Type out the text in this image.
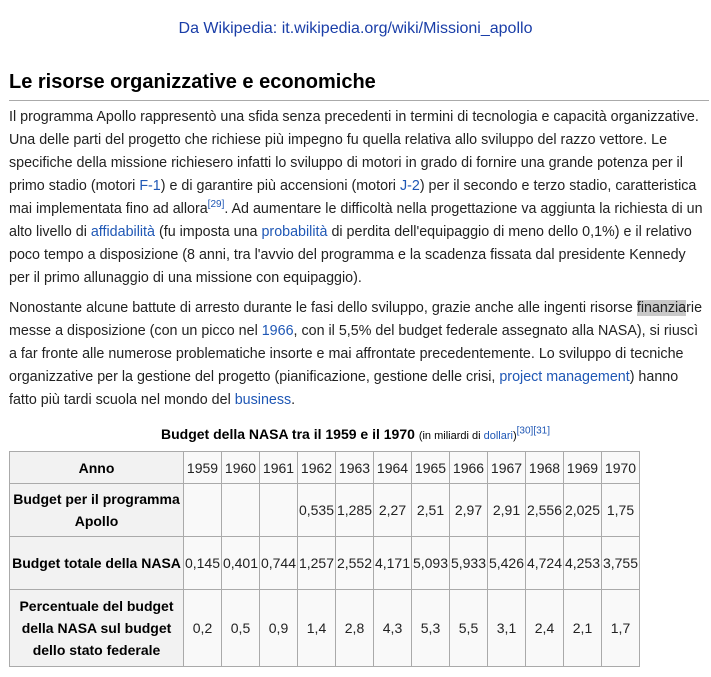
Da Wikipedia: it.wikipedia.org/wiki/Missioni_apollo
Le risorse organizzative e economiche

Il programma Apollo rappresentò una sfida senza precedenti in termini di tecnologia e capacità organizzative. Una delle parti del progetto che richiese più impegno fu quella relativa allo sviluppo del razzo vettore. Le specifiche della missione richiesero infatti lo sviluppo di motori in grado di fornire una grande potenza per il primo stadio (motori F-1) e di garantire più accensioni (motori J-2) per il secondo e terzo stadio, caratteristica mai implementata fino ad allora[29]. Ad aumentare le difficoltà nella progettazione va aggiunta la richiesta di un alto livello di affidabilità (fu imposta una probabilità di perdita dell'equipaggio di meno dello 0,1%) e il relativo poco tempo a disposizione (8 anni, tra l'avvio del programma e la scadenza fissata dal presidente Kennedy per il primo allunaggio di una missione con equipaggio).

Nonostante alcune battute di arresto durante le fasi dello sviluppo, grazie anche alle ingenti risorse finanziarie messe a disposizione (con un picco nel 1966, con il 5,5% del budget federale assegnato alla NASA), si riuscì a far fronte alle numerose problematiche insorte e mai affrontate precedentemente. Lo sviluppo di tecniche organizzative per la gestione del progetto (pianificazione, gestione delle crisi, project management) hanno fatto più tardi scuola nel mondo del business.

Budget della NASA tra il 1959 e il 1970 (in miliardi di dollari)[30][31]
Anno	1959	1960	1961	1962	1963	1964	1965	1966	1967	1968	1969	1970
Budget per il programma Apollo				0,535	1,285	2,27	2,51	2,97	2,91	2,556	2,025	1,75
Budget totale della NASA	0,145	0,401	0,744	1,257	2,552	4,171	5,093	5,933	5,426	4,724	4,253	3,755
Percentuale del budget della NASA sul budget dello stato federale	0,2	0,5	0,9	1,4	2,8	4,3	5,3	5,5	3,1	2,4	2,1	1,7
